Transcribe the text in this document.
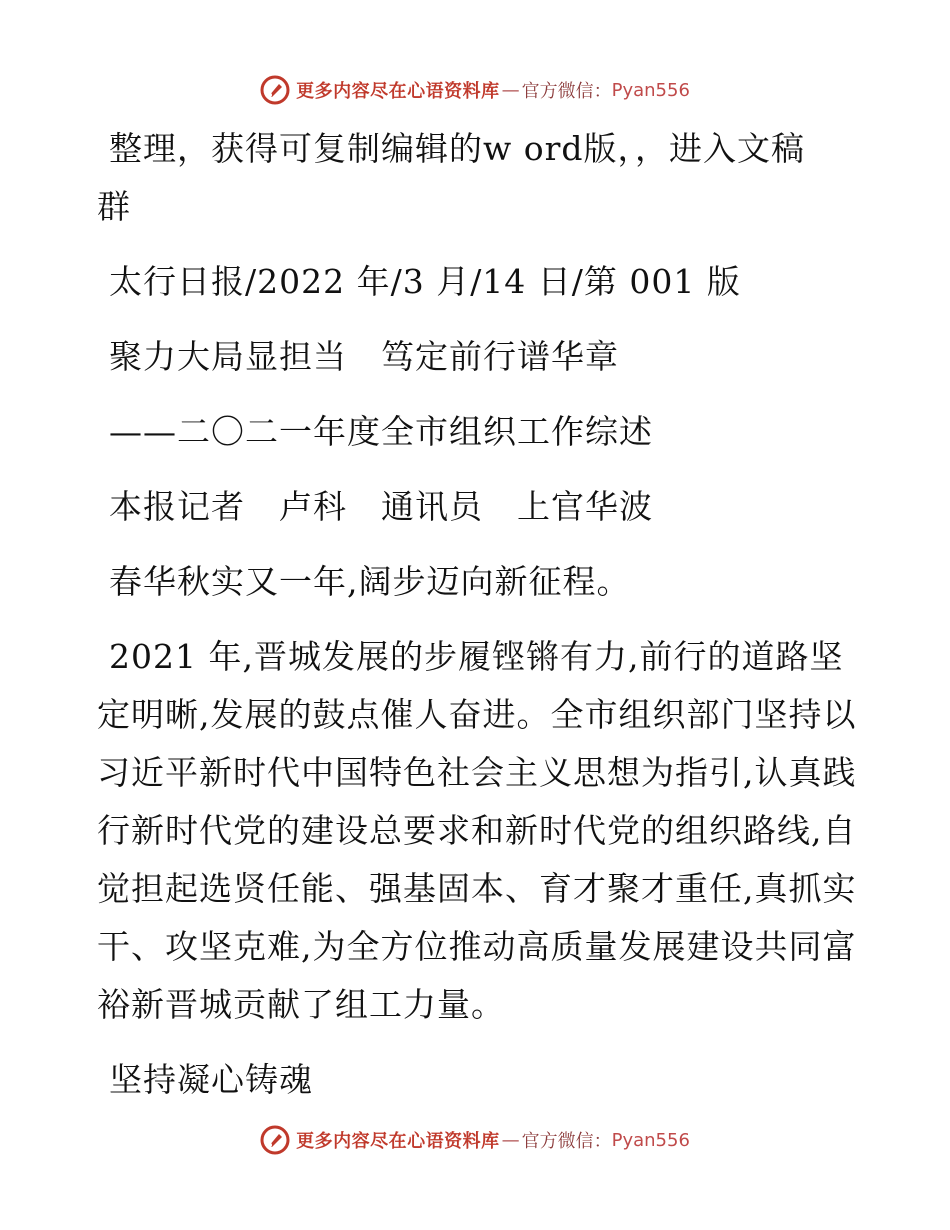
更多内容尽在心语资料库 — 官方微信： Pyan556
整理，获得可复制编辑的w ord版，，进入文稿
群
太行日报/2022 年/3 月/14 日/第 001 版
聚力大局显担当　笃定前行谱华章
——二〇二一年度全市组织工作综述
本报记者　卢科　通讯员　上官华波
春华秋实又一年,阔步迈向新征程。
2021 年,晋城发展的步履铿锵有力,前行的道路坚定明晰,发展的鼓点催人奋进。全市组织部门坚持以习近平新时代中国特色社会主义思想为指引,认真践行新时代党的建设总要求和新时代党的组织路线,自觉担起选贤任能、强基固本、育才聚才重任,真抓实干、攻坚克难,为全方位推动高质量发展建设共同富裕新晋城贡献了组工力量。
坚持凝心铸魂
更多内容尽在心语资料库 — 官方微信： Pyan556
